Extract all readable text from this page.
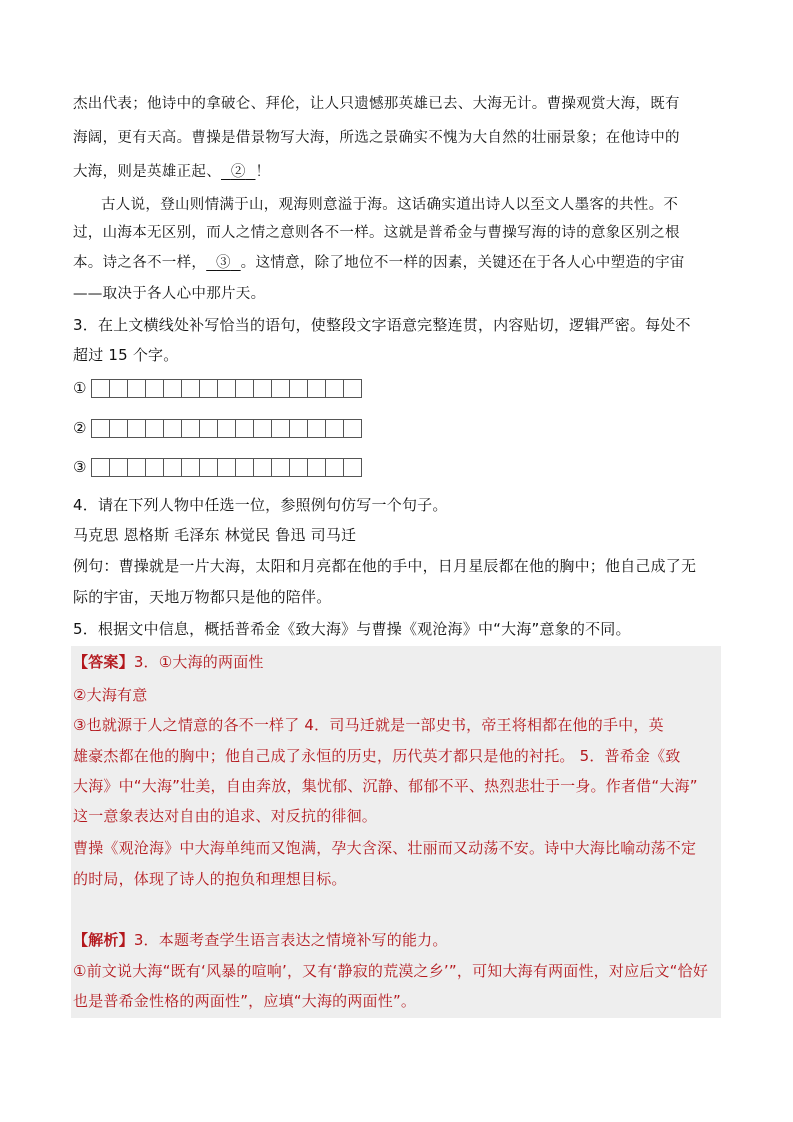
杰出代表；他诗中的拿破仑、拜伦，让人只遗憾那英雄已去、大海无计。曹操观赏大海，既有
海阔，更有天高。曹操是借景物写大海，所选之景确实不愧为大自然的壮丽景象；在他诗中的
大海，则是英雄正起、 ② ！
古人说，登山则情满于山，观海则意溢于海。这话确实道出诗人以至文人墨客的共性。不
过，山海本无区别，而人之情之意则各不一样。这就是普希金与曹操写海的诗的意象区别之根
本。诗之各不一样， ③ 。这情意，除了地位不一样的因素，关键还在于各人心中塑造的宇宙
——取决于各人心中那片天。
3．在上文横线处补写恰当的语句，使整段文字语意完整连贯，内容贴切，逻辑严密。每处不
超过 15 个字。
①
②
③
4．请在下列人物中任选一位，参照例句仿写一个句子。
马克思 恩格斯 毛泽东 林觉民 鲁迅 司马迁
例句：曹操就是一片大海，太阳和月亮都在他的手中，日月星辰都在他的胸中；他自己成了无
际的宇宙，天地万物都只是他的陪伴。
5．根据文中信息，概括普希金《致大海》与曹操《观沧海》中“大海”意象的不同。
【答案】3．①大海的两面性
②大海有意
③也就源于人之情意的各不一样了 4．司马迁就是一部史书，帝王将相都在他的手中，英
雄豪杰都在他的胸中；他自己成了永恒的历史，历代英才都只是他的衬托。 5．普希金《致
大海》中“大海”壮美，自由奔放，集忧郁、沉静、郁郁不平、热烈悲壮于一身。作者借“大海”
这一意象表达对自由的追求、对反抗的徘徊。
曹操《观沧海》中大海单纯而又饱满，孕大含深、壮丽而又动荡不安。诗中大海比喻动荡不定
的时局，体现了诗人的抱负和理想目标。
【解析】3．本题考查学生语言表达之情境补写的能力。
①前文说大海“既有‘风暴的喧响’，又有‘静寂的荒漠之乡’”，可知大海有两面性，对应后文“恰好
也是普希金性格的两面性”，应填“大海的两面性”。
